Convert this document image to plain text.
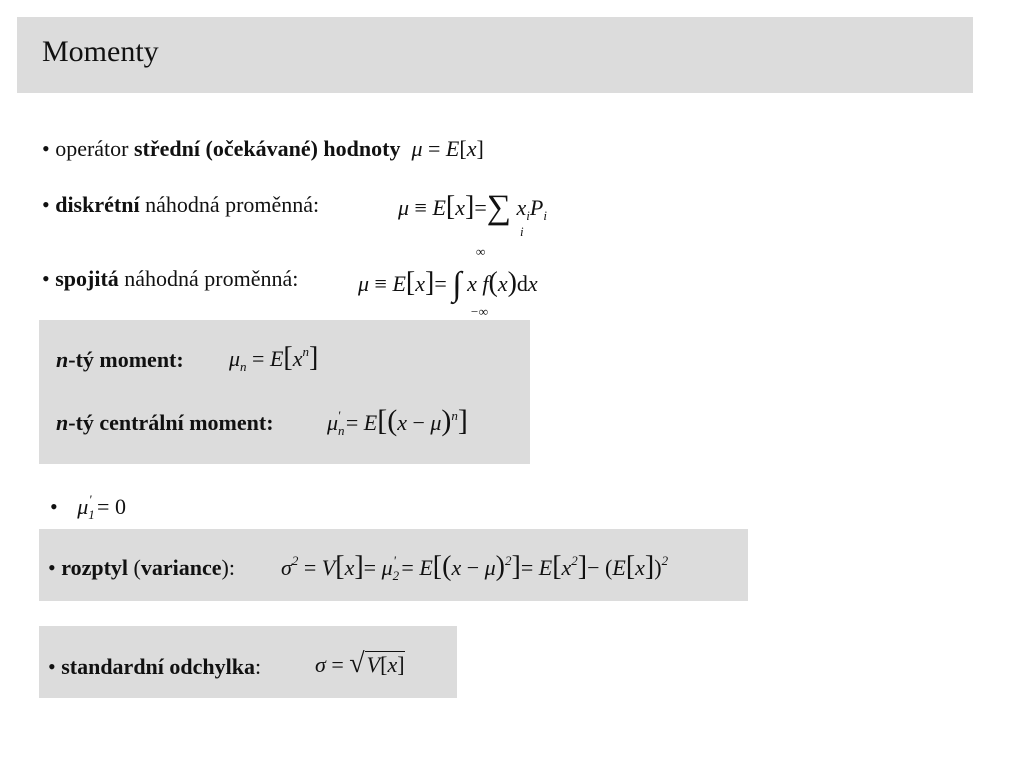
Momenty
• operátor střední (očekávané) hodnoty  μ = E[x]
• diskrétní náhodná proměnná:	μ ≡ E[x]=∑ $x_iP_i$
i
• spojitá náhodná proměnná:	μ ≡ E[x]= ∫ x f(x)dx
∞
−∞
n-tý moment: $\mu_n = E[x^n]$
n-tý centrální moment: $\mu_n' = E[(x - \mu)^n]$
• $\mu_1' = 0$
• rozptyl (variance): $\sigma^2 = V[x]= \mu_2' = E[(x - \mu)^2]= E[x^2]- (E[x])^2$
• standardní odchylka: σ = √V[x]
